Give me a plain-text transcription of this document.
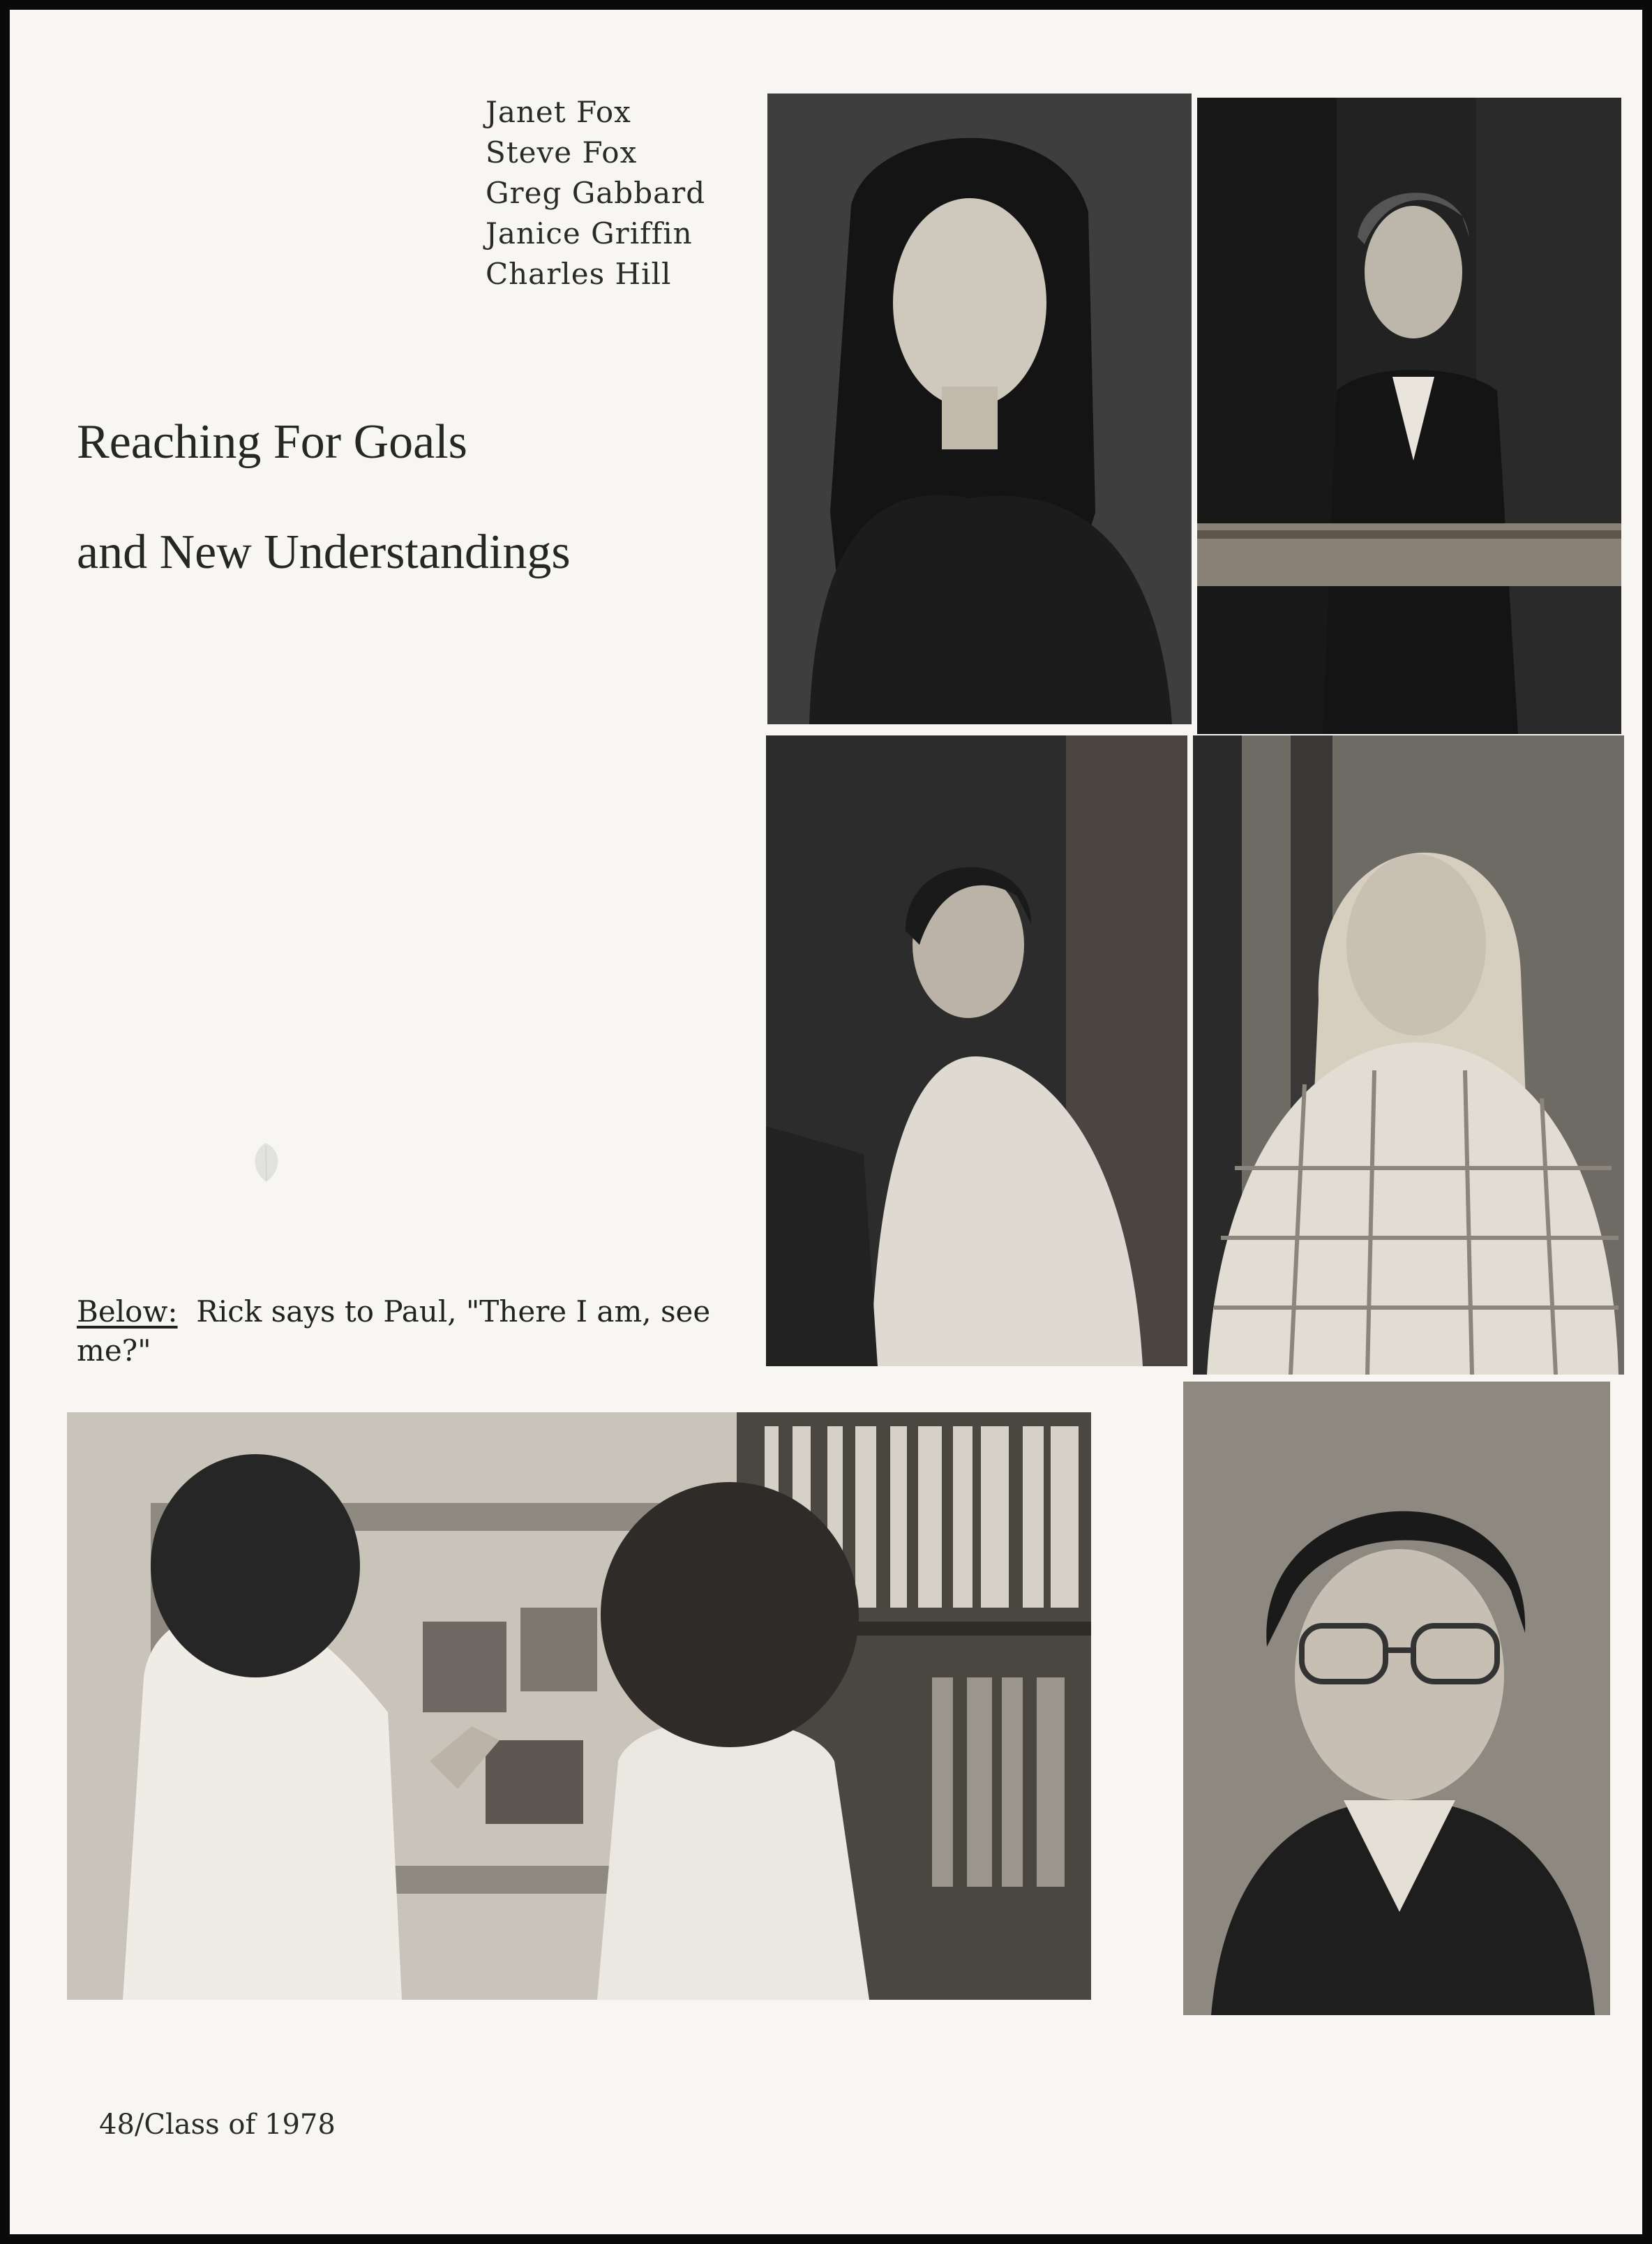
Janet Fox
Steve Fox
Greg Gabbard
Janice Griffin
Charles Hill
Reaching For Goals
and New Understandings
Below: Rick says to Paul, "There I am, see me?"
48/Class of 1978
